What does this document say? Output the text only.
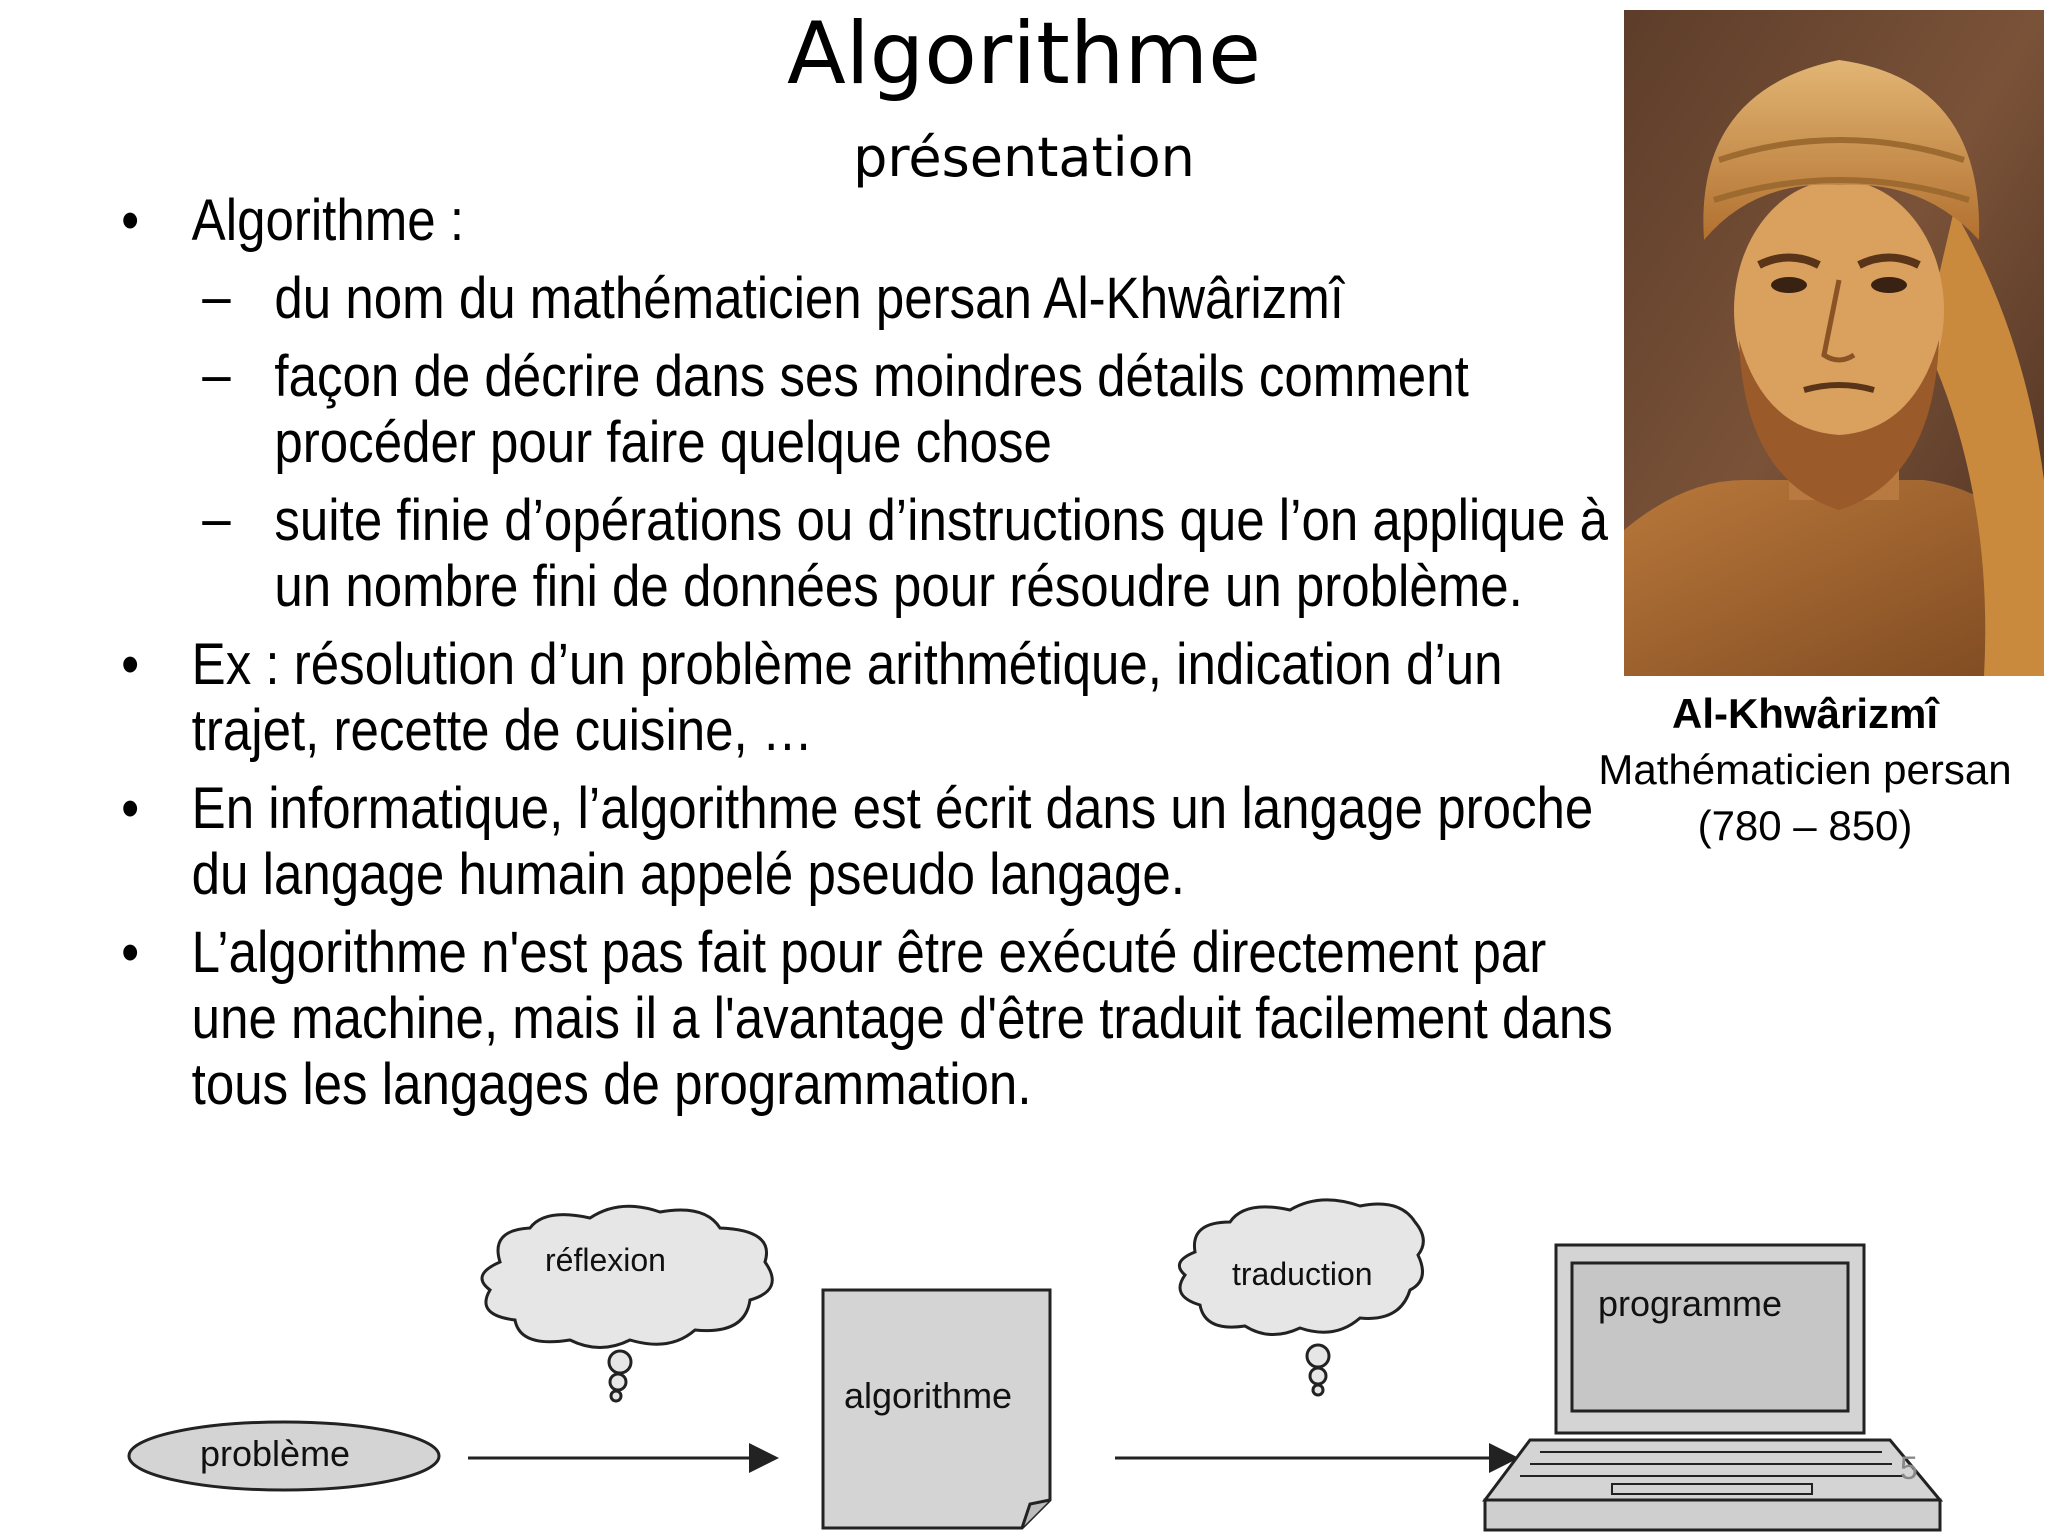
Algorithme
présentation
• Algorithme :
– du nom du mathématicien persan Al-Khwârizmî
– façon de décrire dans ses moindres détails comment procéder pour faire quelque chose
– suite finie d’opérations ou d’instructions que l’on applique à un nombre fini de données pour résoudre un problème.
• Ex : résolution d’un problème arithmétique, indication d’un trajet, recette de cuisine, …
• En informatique, l’algorithme est écrit dans un langage proche du langage humain appelé pseudo langage.
• L’algorithme n'est pas fait pour être exécuté directement par une machine, mais il a l'avantage d'être traduit facilement dans tous les langages de programmation.
Al-Khwârizmî
Mathématicien persan
(780 – 850)
problème
réflexion
algorithme
traduction
programme
5
